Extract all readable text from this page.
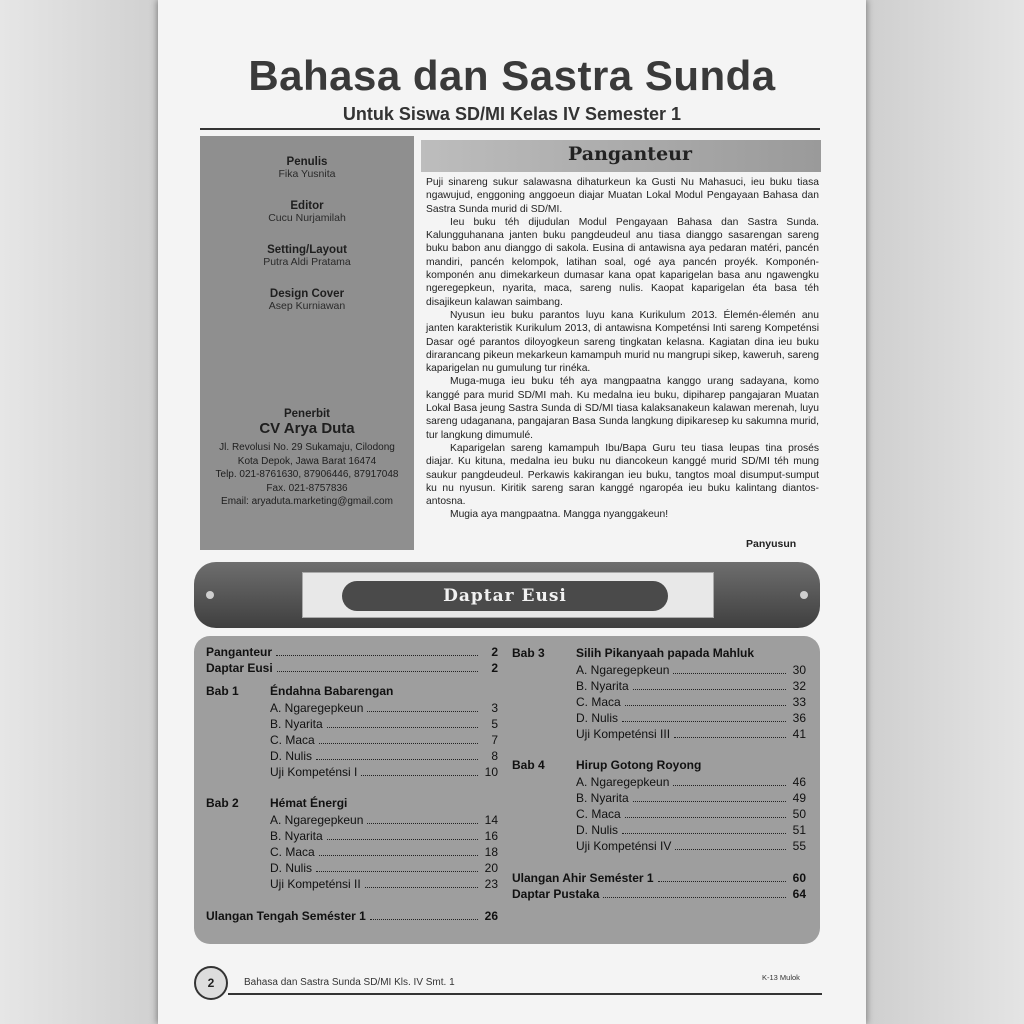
Bahasa dan Sastra Sunda
Untuk Siswa SD/MI Kelas IV Semester 1
Penulis
Fika Yusnita
Editor
Cucu Nurjamilah
Setting/Layout
Putra Aldi Pratama
Design Cover
Asep Kurniawan
Penerbit
CV Arya Duta
Jl. Revolusi No. 29 Sukamaju, Cilodong
Kota Depok, Jawa Barat 16474
Telp. 021-8761630, 87906446, 87917048
Fax. 021-8757836
Email: aryaduta.marketing@gmail.com
Panganteur

Puji sinareng sukur salawasna dihaturkeun ka Gusti Nu Mahasuci, ieu buku tiasa ngawujud, enggoning anggoeun diajar Muatan Lokal Modul Pengayaan Bahasa dan Sastra Sunda murid di SD/MI.

Ieu buku téh dijudulan Modul Pengayaan Bahasa dan Sastra Sunda. Kalungguhanana janten buku pangdeudeul anu tiasa dianggo sasarengan sareng buku babon anu dianggo di sakola. Eusina di antawisna aya pedaran matéri, pancén mandiri, pancén kelompok, latihan soal, ogé aya pancén proyék. Komponén-komponén anu dimekarkeun dumasar kana opat kaparigelan basa anu ngawengku ngeregepkeun, nyarita, maca, sareng nulis. Kaopat kaparigelan éta basa téh disajikeun kalawan saimbang.

Nyusun ieu buku parantos luyu kana Kurikulum 2013. Élemén-élemén anu janten karakteristik Kurikulum 2013, di antawisna Kompeténsi Inti sareng Kompeténsi Dasar ogé parantos diloyogkeun sareng tingkatan kelasna. Kagiatan dina ieu buku dirarancang pikeun mekarkeun kamampuh murid nu mangrupi sikep, kaweruh, sareng kaparigelan nu gumulung tur rinéka.

Muga-muga ieu buku téh aya mangpaatna kanggo urang sadayana, komo kanggé para murid SD/MI mah. Ku medalna ieu buku, dipiharep pangajaran Muatan Lokal Basa jeung Sastra Sunda di SD/MI tiasa kalaksanakeun kalawan merenah, luyu sareng udaganana, pangajaran Basa Sunda langkung dipikaresep ku sakumna murid, tur langkung dimumulé.

Kaparigelan sareng kamampuh Ibu/Bapa Guru teu tiasa leupas tina prosés diajar. Ku kituna, medalna ieu buku nu diancokeun kanggé murid SD/MI téh mung saukur pangdeudeul. Perkawis kakirangan ieu buku, tangtos moal disumput-sumput ku nu nyusun. Kiritik sareng saran kanggé ngaropéa ieu buku kalintang diantos-antosna.

Mugia aya mangpaatna. Mangga nyanggakeun!

Panyusun
Daptar Eusi
Panganteur	2
Daptar Eusi	2
Bab 1	Éndahna Babarengan
A. Ngaregepkeun	3
B. Nyarita	5
C. Maca	7
D. Nulis	8
Uji Kompeténsi I	10
Bab 2	Hémat Énergi
A. Ngaregepkeun	14
B. Nyarita	16
C. Maca	18
D. Nulis	20
Uji Kompeténsi II	23
Ulangan Tengah Seméster 1	26
Bab 3	Silih Pikanyaah papada Mahluk
A. Ngaregepkeun	30
B. Nyarita	32
C. Maca	33
D. Nulis	36
Uji Kompeténsi III	41
Bab 4	Hirup Gotong Royong
A. Ngaregepkeun	46
B. Nyarita	49
C. Maca	50
D. Nulis	51
Uji Kompeténsi IV	55
Ulangan Ahir Seméster 1	60
Daptar Pustaka	64
2	Bahasa dan Sastra Sunda SD/MI Kls. IV Smt. 1	K-13 Mulok
